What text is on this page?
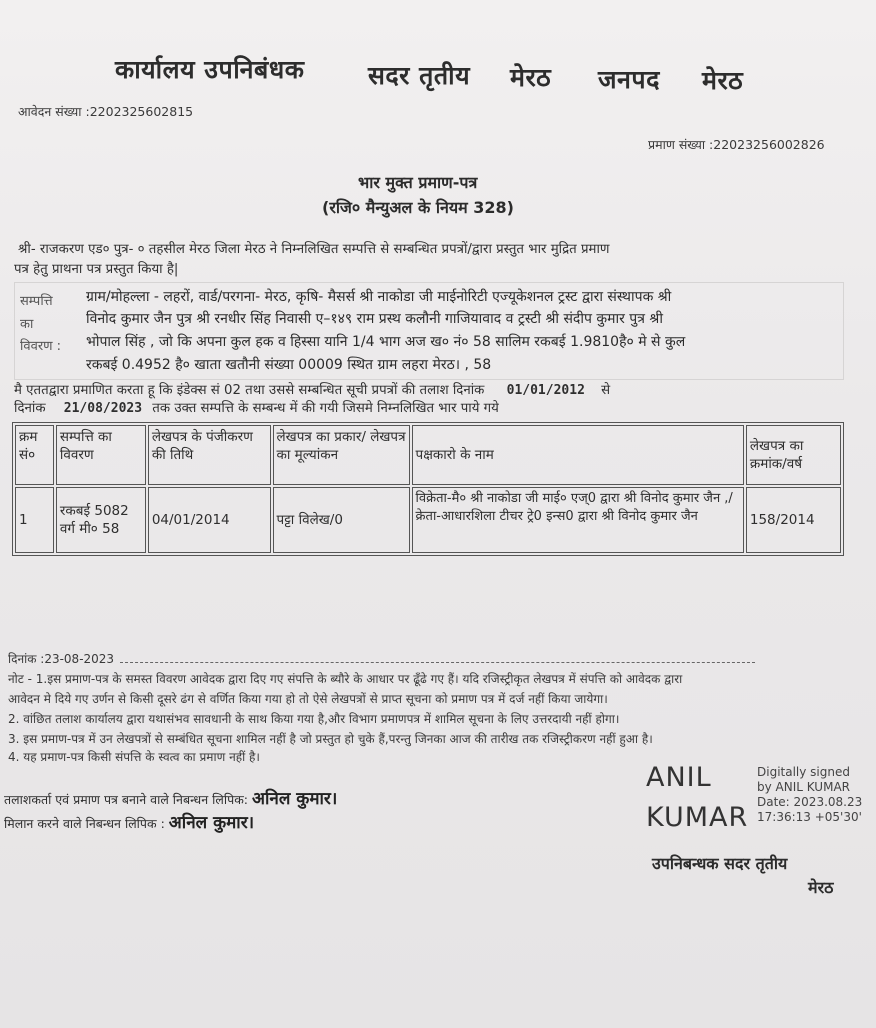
कार्यालय उपनिबंधक	सदर तृतीय मेरठ जनपद मेरठ
आवेदन संख्या :2202325602815
प्रमाण संख्या :22023256002826
भार मुक्त प्रमाण-पत्र
(रजि० मैन्युअल के नियम 328)
श्री- राजकरण एड० पुत्र- ० तहसील मेरठ जिला मेरठ ने निम्नलिखित सम्पत्ति से सम्बन्धित प्रपत्रों/द्वारा प्रस्तुत भार मुद्रित प्रमाण
पत्र हेतु प्राथना पत्र प्रस्तुत किया है|
सम्पत्ति
का
विवरण :
ग्राम/मोहल्ला - लहरों, वार्ड/परगना- मेरठ, कृषि- मैसर्स श्री नाकोडा जी माईनोरिटी एज्यूकेशनल ट्रस्ट द्वारा संस्थापक श्री
विनोद कुमार जैन पुत्र श्री रनधीर सिंह निवासी ए–१४९ राम प्रस्थ कलौनी गाजियावाद व ट्रस्टी श्री संदीप कुमार पुत्र श्री
भोपाल सिंह , जो कि अपना कुल हक व हिस्सा यानि 1/4 भाग अज ख० नं० 58 सालिम रकबई 1.9810है० मे से कुल
रकबई 0.4952 है० खाता खतौनी संख्या 00009 स्थित ग्राम लहरा मेरठ। , 58
मै एततद्वारा प्रमाणित करता हू कि इंडेक्स सं 02 तथा उससे सम्बन्धित सूची प्रपत्रों की तलाश दिनांक 01/01/2012 से
दिनांक 21/08/2023 तक उक्त सम्पत्ति के सम्बन्ध में की गयी जिसमे निम्नलिखित भार पाये गये
क्रम सं०	सम्पत्ति का विवरण	लेखपत्र के पंजीकरण की तिथि	लेखपत्र का प्रकार/ लेखपत्र का मूल्यांकन	पक्षकारो के नाम	लेखपत्र का क्रमांक/वर्ष
1	रकबई 5082 वर्ग मी० 58	04/01/2014	पट्टा विलेख/0	विक्रेता-मै० श्री नाकोडा जी माई० एज्0 द्वारा श्री विनोद कुमार जैन ,/क्रेता-आधारशिला टीचर ट्रे0 इन्स0 द्वारा श्री विनोद कुमार जैन	158/2014
दिनांक :23-08-2023
नोट - 1.इस प्रमाण-पत्र के समस्त विवरण आवेदक द्वारा दिए गए संपत्ति के ब्यौरे के आधार पर ढूँढे गए हैं। यदि रजिस्ट्रीकृत लेखपत्र में संपत्ति को आवेदक द्वारा
आवेदन मे दिये गए उर्णन से किसी दूसरे ढंग से वर्णित किया गया हो तो ऐसे लेखपत्रों से प्राप्त सूचना को प्रमाण पत्र में दर्ज नहीं किया जायेगा।
2. वांछित तलाश कार्यालय द्वारा यथासंभव सावधानी के साथ किया गया है,और विभाग प्रमाणपत्र में शामिल सूचना के लिए उत्तरदायी नहीं होगा।
3. इस प्रमाण-पत्र में उन लेखपत्रों से सम्बंधित सूचना शामिल नहीं है जो प्रस्तुत हो चुके हैं,परन्तु जिनका आज की तारीख तक रजिस्ट्रीकरण नहीं हुआ है।
4. यह प्रमाण-पत्र किसी संपत्ति के स्वत्व का प्रमाण नहीं है।
तलाशकर्ता एवं प्रमाण पत्र बनाने वाले निबन्धन लिपिक: अनिल कुमार।
मिलान करने वाले निबन्धन लिपिक : अनिल कुमार।
ANIL
KUMAR
Digitally signed
by ANIL KUMAR
Date: 2023.08.23
17:36:13 +05'30'
उपनिबन्धक सदर तृतीय
मेरठ
